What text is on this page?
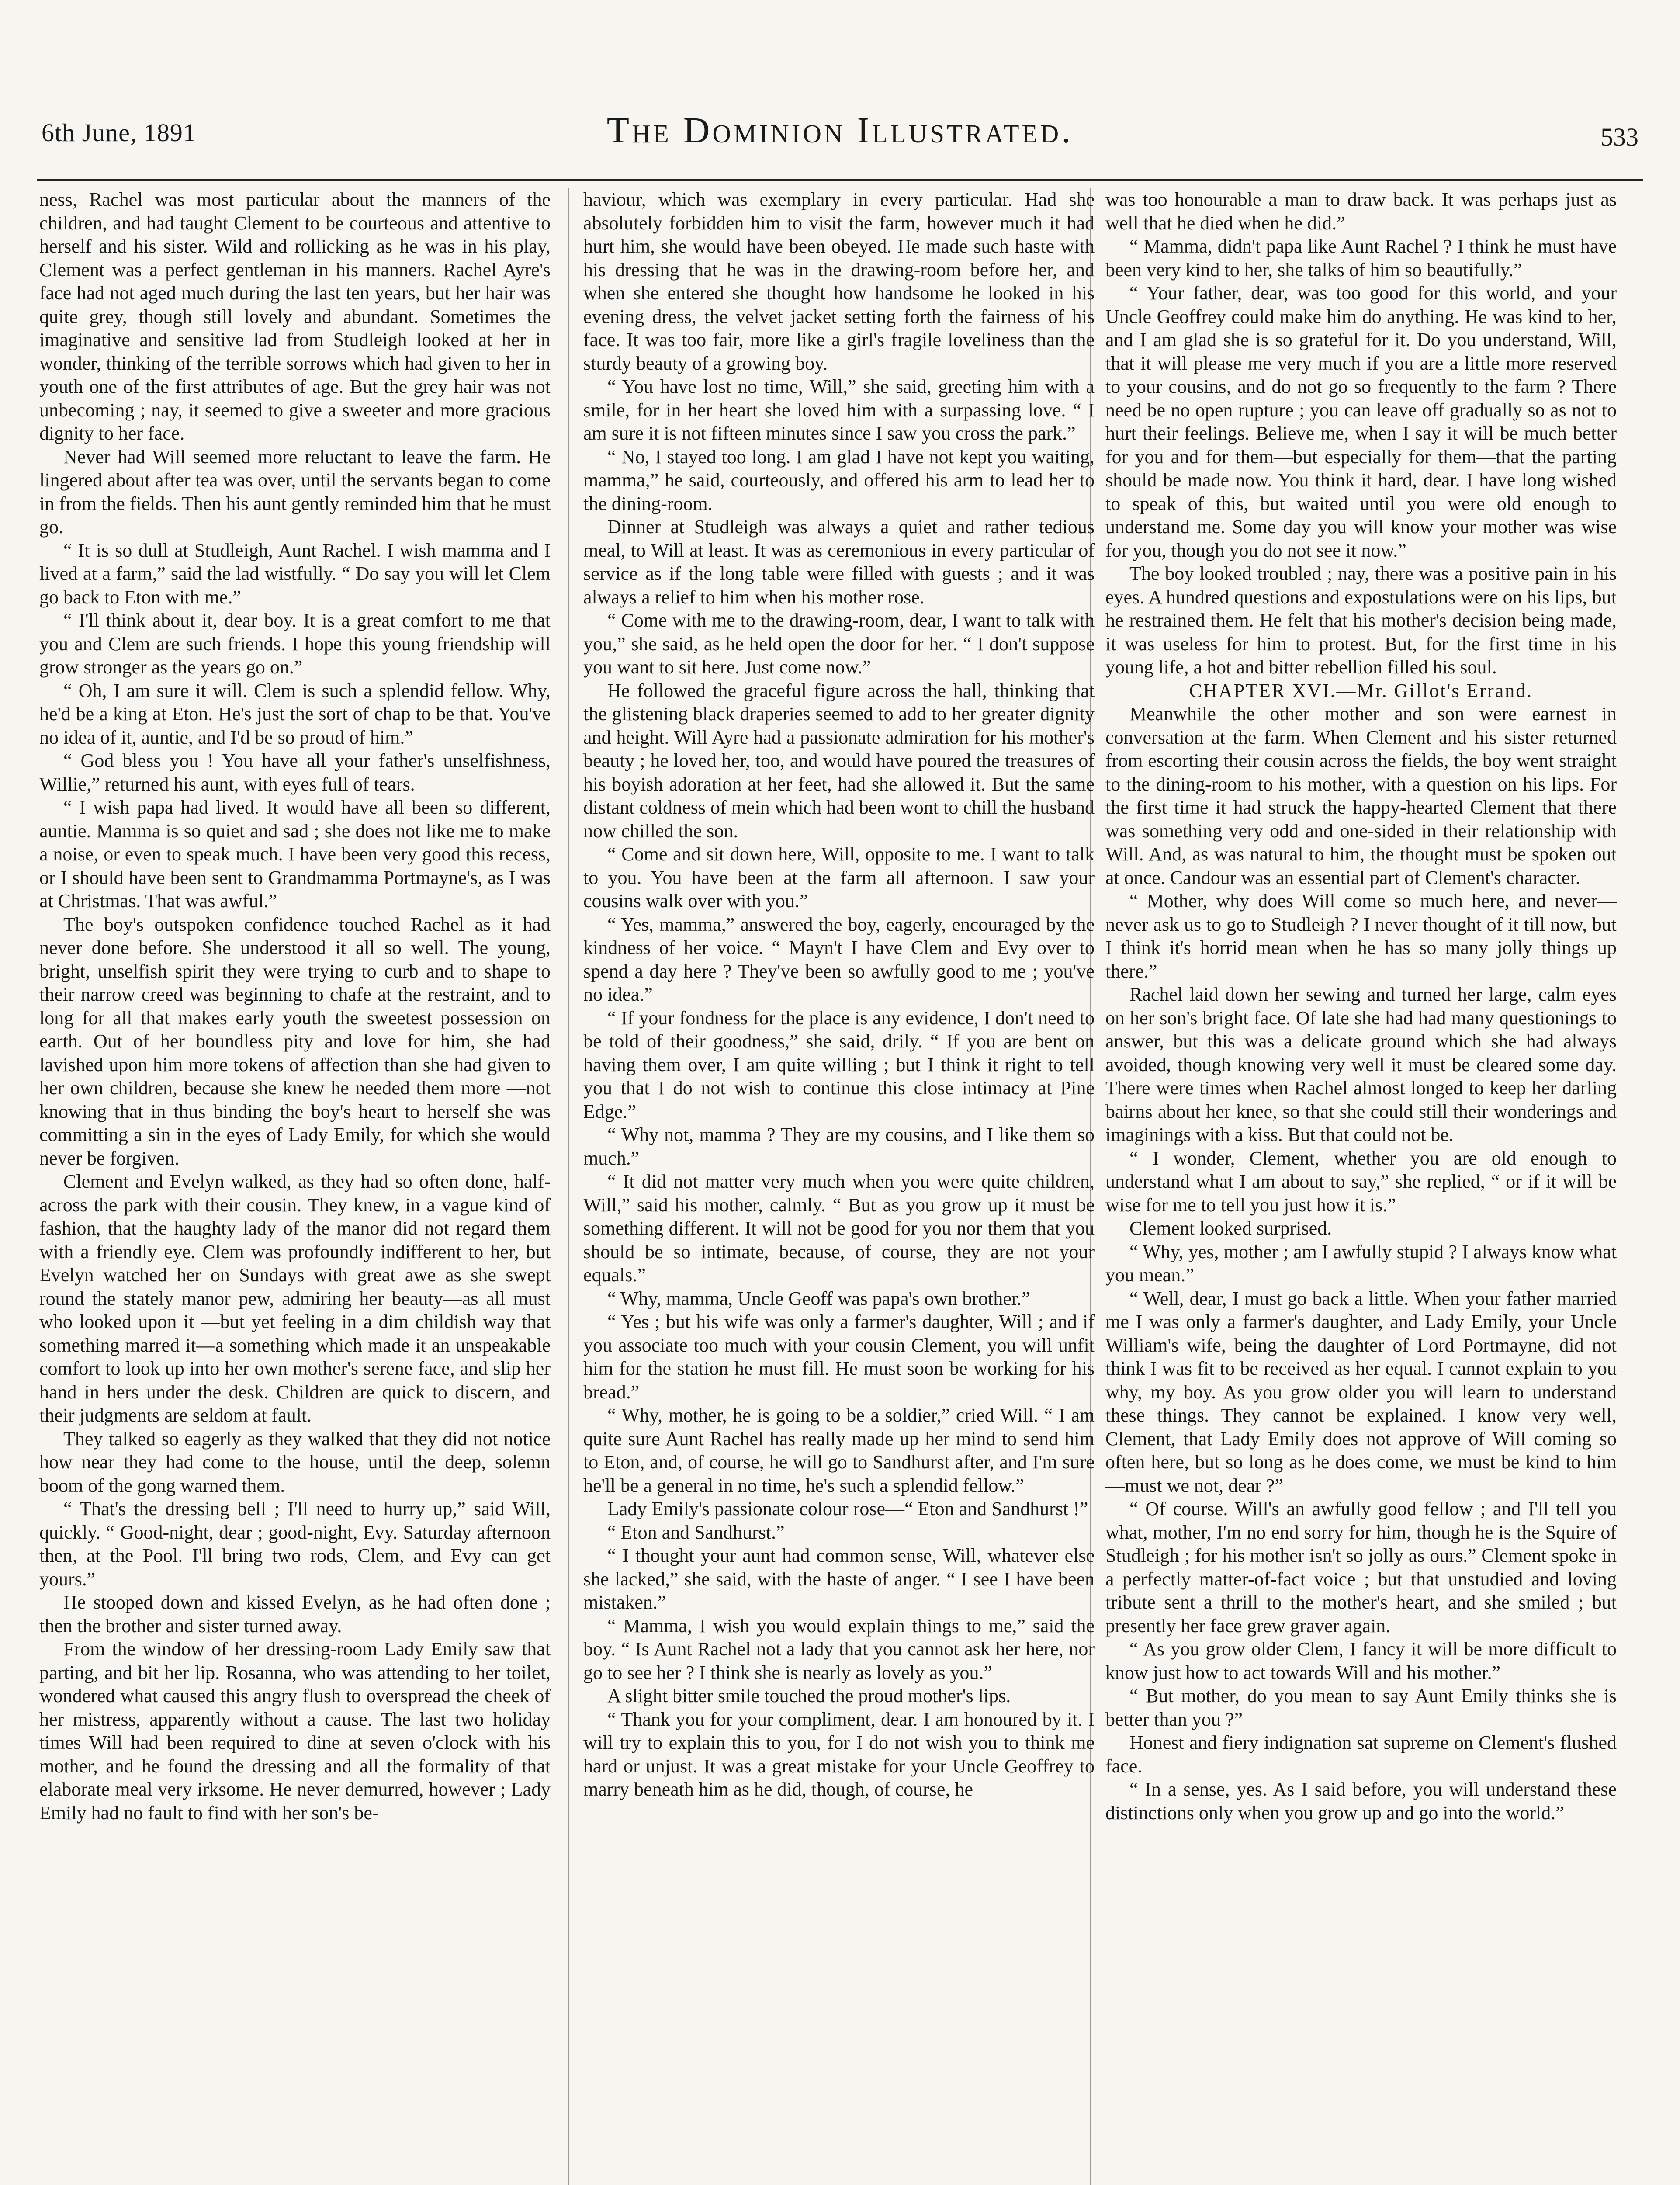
6th June, 1891	The Dominion Illustrated.	533

ness, Rachel was most particular about the manners of the children, and had taught Clement to be courteous and attentive to herself and his sister. Wild and rollicking as he was in his play, Clement was a perfect gentleman in his manners. Rachel Ayre's face had not aged much during the last ten years, but her hair was quite grey, though still lovely and abundant. Sometimes the imaginative and sensitive lad from Studleigh looked at her in wonder, thinking of the terrible sorrows which had given to her in youth one of the first attributes of age. But the grey hair was not unbecoming ; nay, it seemed to give a sweeter and more gracious dignity to her face.

Never had Will seemed more reluctant to leave the farm. He lingered about after tea was over, until the servants began to come in from the fields. Then his aunt gently reminded him that he must go.

“ It is so dull at Studleigh, Aunt Rachel. I wish mamma and I lived at a farm,” said the lad wistfully. “ Do say you will let Clem go back to Eton with me.”

“ I'll think about it, dear boy. It is a great comfort to me that you and Clem are such friends. I hope this young friendship will grow stronger as the years go on.”

“ Oh, I am sure it will. Clem is such a splendid fellow. Why, he'd be a king at Eton. He's just the sort of chap to be that. You've no idea of it, auntie, and I'd be so proud of him.”

“ God bless you ! You have all your father's unselfishness, Willie,” returned his aunt, with eyes full of tears.

“ I wish papa had lived. It would have all been so different, auntie. Mamma is so quiet and sad ; she does not like me to make a noise, or even to speak much. I have been very good this recess, or I should have been sent to Grandmamma Portmayne's, as I was at Christmas. That was awful.”

The boy's outspoken confidence touched Rachel as it had never done before. She understood it all so well. The young, bright, unselfish spirit they were trying to curb and to shape to their narrow creed was beginning to chafe at the restraint, and to long for all that makes early youth the sweetest possession on earth. Out of her boundless pity and love for him, she had lavished upon him more tokens of affection than she had given to her own children, because she knew he needed them more —not knowing that in thus binding the boy's heart to herself she was committing a sin in the eyes of Lady Emily, for which she would never be forgiven.

Clement and Evelyn walked, as they had so often done, half-across the park with their cousin. They knew, in a vague kind of fashion, that the haughty lady of the manor did not regard them with a friendly eye. Clem was profoundly indifferent to her, but Evelyn watched her on Sundays with great awe as she swept round the stately manor pew, admiring her beauty—as all must who looked upon it —but yet feeling in a dim childish way that something marred it—a something which made it an unspeakable comfort to look up into her own mother's serene face, and slip her hand in hers under the desk. Children are quick to discern, and their judgments are seldom at fault.

They talked so eagerly as they walked that they did not notice how near they had come to the house, until the deep, solemn boom of the gong warned them.

“ That's the dressing bell ; I'll need to hurry up,” said Will, quickly. “ Good-night, dear ; good-night, Evy. Saturday afternoon then, at the Pool. I'll bring two rods, Clem, and Evy can get yours.”

He stooped down and kissed Evelyn, as he had often done ; then the brother and sister turned away.

From the window of her dressing-room Lady Emily saw that parting, and bit her lip. Rosanna, who was attending to her toilet, wondered what caused this angry flush to overspread the cheek of her mistress, apparently without a cause. The last two holiday times Will had been required to dine at seven o'clock with his mother, and he found the dressing and all the formality of that elaborate meal very irksome. He never demurred, however ; Lady Emily had no fault to find with her son's be-

haviour, which was exemplary in every particular. Had she absolutely forbidden him to visit the farm, however much it had hurt him, she would have been obeyed. He made such haste with his dressing that he was in the drawing-room before her, and when she entered she thought how handsome he looked in his evening dress, the velvet jacket setting forth the fairness of his face. It was too fair, more like a girl's fragile loveliness than the sturdy beauty of a growing boy.

“ You have lost no time, Will,” she said, greeting him with a smile, for in her heart she loved him with a surpassing love. “ I am sure it is not fifteen minutes since I saw you cross the park.”

“ No, I stayed too long. I am glad I have not kept you waiting, mamma,” he said, courteously, and offered his arm to lead her to the dining-room.

Dinner at Studleigh was always a quiet and rather tedious meal, to Will at least. It was as ceremonious in every particular of service as if the long table were filled with guests ; and it was always a relief to him when his mother rose.

“ Come with me to the drawing-room, dear, I want to talk with you,” she said, as he held open the door for her. “ I don't suppose you want to sit here. Just come now.”

He followed the graceful figure across the hall, thinking that the glistening black draperies seemed to add to her greater dignity and height. Will Ayre had a passionate admiration for his mother's beauty ; he loved her, too, and would have poured the treasures of his boyish adoration at her feet, had she allowed it. But the same distant coldness of mein which had been wont to chill the husband now chilled the son.

“ Come and sit down here, Will, opposite to me. I want to talk to you. You have been at the farm all afternoon. I saw your cousins walk over with you.”

“ Yes, mamma,” answered the boy, eagerly, encouraged by the kindness of her voice. “ Mayn't I have Clem and Evy over to spend a day here ? They've been so awfully good to me ; you've no idea.”

“ If your fondness for the place is any evidence, I don't need to be told of their goodness,” she said, drily. “ If you are bent on having them over, I am quite willing ; but I think it right to tell you that I do not wish to continue this close intimacy at Pine Edge.”

“ Why not, mamma ? They are my cousins, and I like them so much.”

“ It did not matter very much when you were quite children, Will,” said his mother, calmly. “ But as you grow up it must be something different. It will not be good for you nor them that you should be so intimate, because, of course, they are not your equals.”

“ Why, mamma, Uncle Geoff was papa's own brother.”

“ Yes ; but his wife was only a farmer's daughter, Will ; and if you associate too much with your cousin Clement, you will unfit him for the station he must fill. He must soon be working for his bread.”

“ Why, mother, he is going to be a soldier,” cried Will. “ I am quite sure Aunt Rachel has really made up her mind to send him to Eton, and, of course, he will go to Sandhurst after, and I'm sure he'll be a general in no time, he's such a splendid fellow.”

Lady Emily's passionate colour rose—“ Eton and Sandhurst !”

“ Eton and Sandhurst.”

“ I thought your aunt had common sense, Will, whatever else she lacked,” she said, with the haste of anger. “ I see I have been mistaken.”

“ Mamma, I wish you would explain things to me,” said the boy. “ Is Aunt Rachel not a lady that you cannot ask her here, nor go to see her ? I think she is nearly as lovely as you.”

A slight bitter smile touched the proud mother's lips.

“ Thank you for your compliment, dear. I am honoured by it. I will try to explain this to you, for I do not wish you to think me hard or unjust. It was a great mistake for your Uncle Geoffrey to marry beneath him as he did, though, of course, he

was too honourable a man to draw back. It was perhaps just as well that he died when he did.”

“ Mamma, didn't papa like Aunt Rachel ? I think he must have been very kind to her, she talks of him so beautifully.”

“ Your father, dear, was too good for this world, and your Uncle Geoffrey could make him do anything. He was kind to her, and I am glad she is so grateful for it. Do you understand, Will, that it will please me very much if you are a little more reserved to your cousins, and do not go so frequently to the farm ? There need be no open rupture ; you can leave off gradually so as not to hurt their feelings. Believe me, when I say it will be much better for you and for them—but especially for them—that the parting should be made now. You think it hard, dear. I have long wished to speak of this, but waited until you were old enough to understand me. Some day you will know your mother was wise for you, though you do not see it now.”

The boy looked troubled ; nay, there was a positive pain in his eyes. A hundred questions and expostulations were on his lips, but he restrained them. He felt that his mother's decision being made, it was useless for him to protest. But, for the first time in his young life, a hot and bitter rebellion filled his soul.

CHAPTER XVI.—Mr. Gillot's Errand.

Meanwhile the other mother and son were earnest in conversation at the farm. When Clement and his sister returned from escorting their cousin across the fields, the boy went straight to the dining-room to his mother, with a question on his lips. For the first time it had struck the happy-hearted Clement that there was something very odd and one-sided in their relationship with Will. And, as was natural to him, the thought must be spoken out at once. Candour was an essential part of Clement's character.

“ Mother, why does Will come so much here, and never—never ask us to go to Studleigh ? I never thought of it till now, but I think it's horrid mean when he has so many jolly things up there.”

Rachel laid down her sewing and turned her large, calm eyes on her son's bright face. Of late she had had many questionings to answer, but this was a delicate ground which she had always avoided, though knowing very well it must be cleared some day. There were times when Rachel almost longed to keep her darling bairns about her knee, so that she could still their wonderings and imaginings with a kiss. But that could not be.

“ I wonder, Clement, whether you are old enough to understand what I am about to say,” she replied, “ or if it will be wise for me to tell you just how it is.”

Clement looked surprised.

“ Why, yes, mother ; am I awfully stupid ? I always know what you mean.”

“ Well, dear, I must go back a little. When your father married me I was only a farmer's daughter, and Lady Emily, your Uncle William's wife, being the daughter of Lord Portmayne, did not think I was fit to be received as her equal. I cannot explain to you why, my boy. As you grow older you will learn to understand these things. They cannot be explained. I know very well, Clement, that Lady Emily does not approve of Will coming so often here, but so long as he does come, we must be kind to him—must we not, dear ?”

“ Of course. Will's an awfully good fellow ; and I'll tell you what, mother, I'm no end sorry for him, though he is the Squire of Studleigh ; for his mother isn't so jolly as ours.” Clement spoke in a perfectly matter-of-fact voice ; but that unstudied and loving tribute sent a thrill to the mother's heart, and she smiled ; but presently her face grew graver again.

“ As you grow older Clem, I fancy it will be more difficult to know just how to act towards Will and his mother.”

“ But mother, do you mean to say Aunt Emily thinks she is better than you ?”

Honest and fiery indignation sat supreme on Clement's flushed face.

“ In a sense, yes. As I said before, you will understand these distinctions only when you grow up and go into the world.”
